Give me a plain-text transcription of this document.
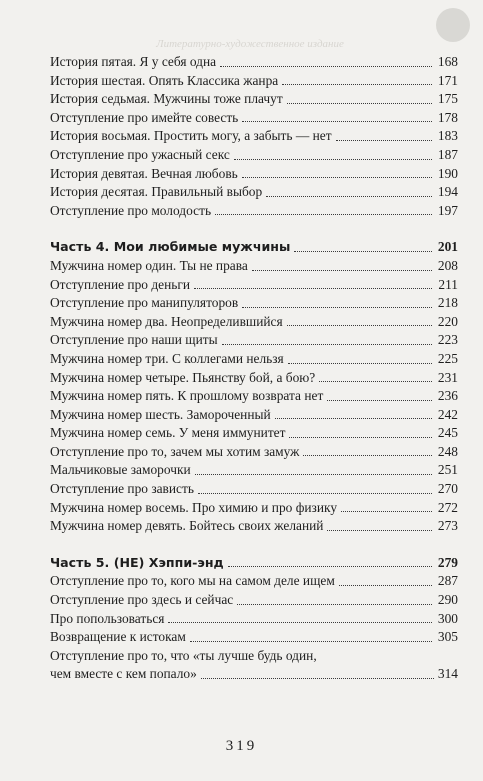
Литературно-художественное издание
История пятая. Я у себя одна	168
История шестая. Опять Классика жанра	171
История седьмая. Мужчины тоже плачут	175
Отступление про имейте совесть	178
История восьмая. Простить могу, а забыть — нет	183
Отступление про ужасный секс	187
История девятая. Вечная любовь	190
История десятая. Правильный выбор	194
Отступление про молодость	197
Часть 4. Мои любимые мужчины	201
Мужчина номер один. Ты не права	208
Отступление про деньги	211
Отступление про манипуляторов	218
Мужчина номер два. Неопределившийся	220
Отступление про наши щиты	223
Мужчина номер три. С коллегами нельзя	225
Мужчина номер четыре. Пьянству бой, а бою?	231
Мужчина номер пять. К прошлому возврата нет	236
Мужчина номер шесть. Замороченный	242
Мужчина номер семь. У меня иммунитет	245
Отступление про то, зачем мы хотим замуж	248
Мальчиковые заморочки	251
Отступление про зависть	270
Мужчина номер восемь. Про химию и про физику	272
Мужчина номер девять. Бойтесь своих желаний	273
Часть 5. (НЕ) Хэппи-энд	279
Отступление про то, кого мы на самом деле ищем	287
Отступление про здесь и сейчас	290
Про попользоваться	300
Возвращение к истокам	305
Отступление про то, что «ты лучше будь один,
чем вместе с кем попало»	314
319
